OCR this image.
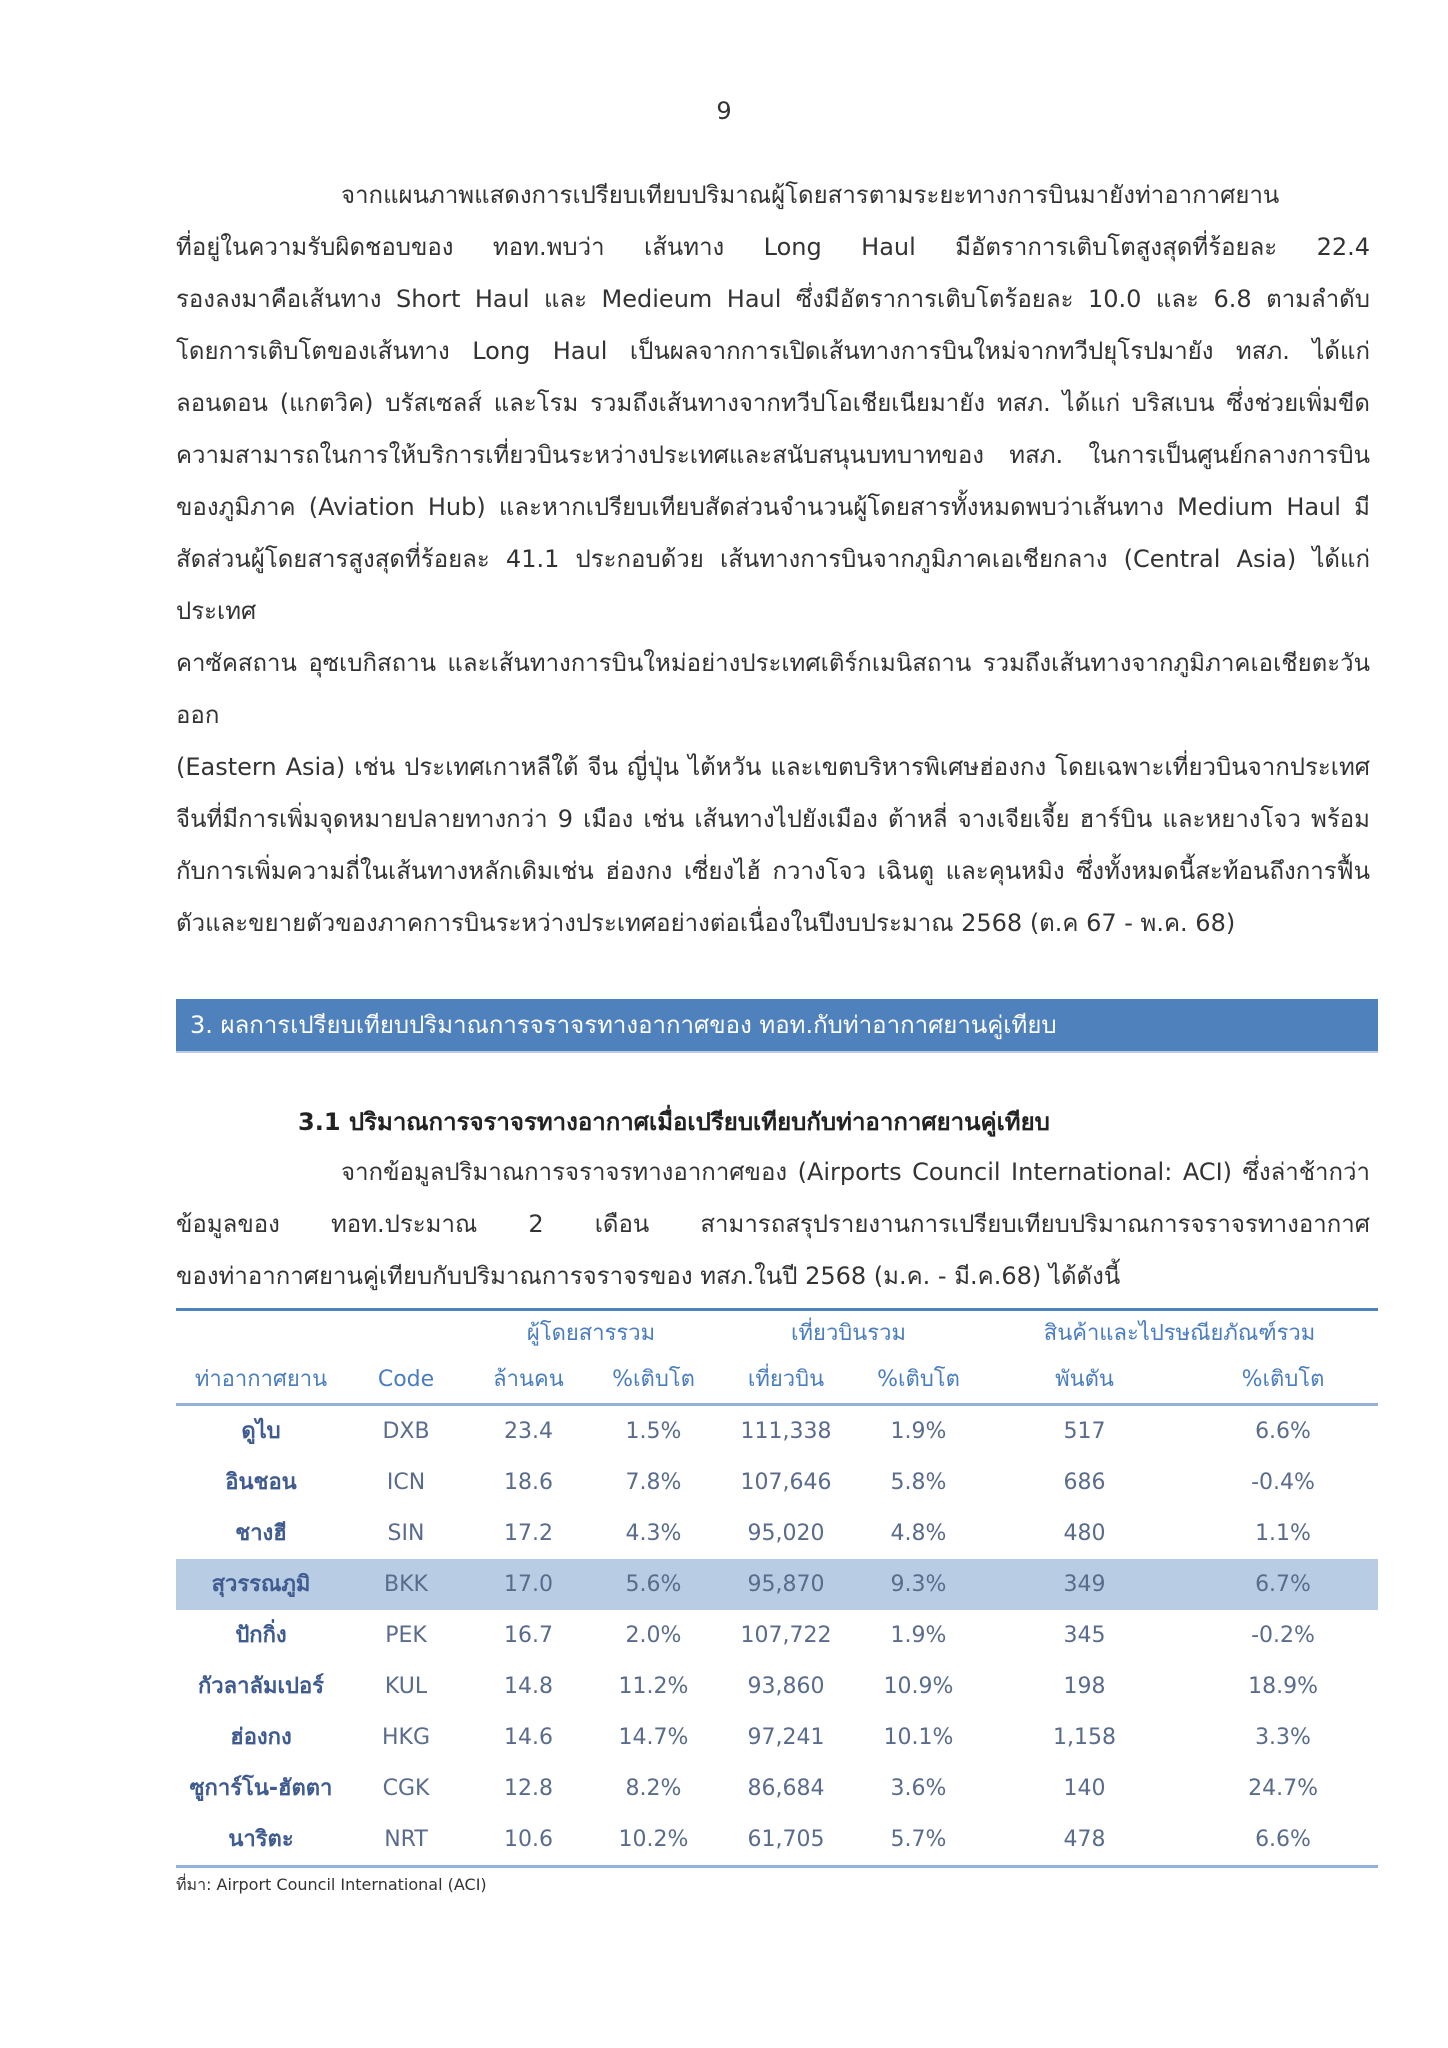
9
จากแผนภาพแสดงการเปรียบเทียบปริมาณผู้โดยสารตามระยะทางการบินมายังท่าอากาศยาน
ที่อยู่ในความรับผิดชอบของ ทอท.พบว่า เส้นทาง Long Haul มีอัตราการเติบโตสูงสุดที่ร้อยละ 22.4
รองลงมาคือเส้นทาง Short Haul และ Medieum Haul ซึ่งมีอัตราการเติบโตร้อยละ 10.0 และ 6.8 ตามลำดับ
โดยการเติบโตของเส้นทาง Long Haul เป็นผลจากการเปิดเส้นทางการบินใหม่จากทวีปยุโรปมายัง ทสภ. ได้แก่
ลอนดอน (แกตวิค) บรัสเซลส์ และโรม รวมถึงเส้นทางจากทวีปโอเชียเนียมายัง ทสภ. ได้แก่ บริสเบน ซึ่งช่วยเพิ่มขีด
ความสามารถในการให้บริการเที่ยวบินระหว่างประเทศและสนับสนุนบทบาทของ ทสภ. ในการเป็นศูนย์กลางการบิน
ของภูมิภาค (Aviation Hub) และหากเปรียบเทียบสัดส่วนจำนวนผู้โดยสารทั้งหมดพบว่าเส้นทาง Medium Haul มี
สัดส่วนผู้โดยสารสูงสุดที่ร้อยละ 41.1 ประกอบด้วย เส้นทางการบินจากภูมิภาคเอเชียกลาง (Central Asia) ได้แก่ ประเทศ
คาซัคสถาน อุซเบกิสถาน และเส้นทางการบินใหม่อย่างประเทศเติร์กเมนิสถาน รวมถึงเส้นทางจากภูมิภาคเอเชียตะวันออก
(Eastern Asia) เช่น ประเทศเกาหลีใต้ จีน ญี่ปุ่น ไต้หวัน และเขตบริหารพิเศษฮ่องกง โดยเฉพาะเที่ยวบินจากประเทศ
จีนที่มีการเพิ่มจุดหมายปลายทางกว่า 9 เมือง เช่น เส้นทางไปยังเมือง ต้าหลี่ จางเจียเจี้ย ฮาร์บิน และหยางโจว พร้อม
กับการเพิ่มความถี่ในเส้นทางหลักเดิมเช่น ฮ่องกง เซี่ยงไฮ้ กวางโจว เฉินตู และคุนหมิง ซึ่งทั้งหมดนี้สะท้อนถึงการฟื้น
ตัวและขยายตัวของภาคการบินระหว่างประเทศอย่างต่อเนื่องในปีงบประมาณ 2568 (ต.ค 67 - พ.ค. 68)
3. ผลการเปรียบเทียบปริมาณการจราจรทางอากาศของ ทอท.กับท่าอากาศยานคู่เทียบ
3.1 ปริมาณการจราจรทางอากาศเมื่อเปรียบเทียบกับท่าอากาศยานคู่เทียบ
จากข้อมูลปริมาณการจราจรทางอากาศของ (Airports Council International: ACI) ซึ่งล่าช้ากว่า
ข้อมูลของ ทอท.ประมาณ 2 เดือน สามารถสรุปรายงานการเปรียบเทียบปริมาณการจราจรทางอากาศ
ของท่าอากาศยานคู่เทียบกับปริมาณการจราจรของ ทสภ.ในปี 2568 (ม.ค. - มี.ค.68) ได้ดังนี้
		ผู้โดยสารรวม		เที่ยวบินรวม		สินค้าและไปรษณียภัณฑ์รวม	
ท่าอากาศยาน	Code	ล้านคน	%เติบโต	เที่ยวบิน	%เติบโต	พันตัน	%เติบโต
ดูไบ	DXB	23.4	1.5%	111,338	1.9%	517	6.6%
อินชอน	ICN	18.6	7.8%	107,646	5.8%	686	-0.4%
ชางฮี	SIN	17.2	4.3%	95,020	4.8%	480	1.1%
สุวรรณภูมิ	BKK	17.0	5.6%	95,870	9.3%	349	6.7%
ปักกิ่ง	PEK	16.7	2.0%	107,722	1.9%	345	-0.2%
กัวลาลัมเปอร์	KUL	14.8	11.2%	93,860	10.9%	198	18.9%
ฮ่องกง	HKG	14.6	14.7%	97,241	10.1%	1,158	3.3%
ซูการ์โน-ฮัตตา	CGK	12.8	8.2%	86,684	3.6%	140	24.7%
นาริตะ	NRT	10.6	10.2%	61,705	5.7%	478	6.6%
ที่มา: Airport Council International (ACI)
